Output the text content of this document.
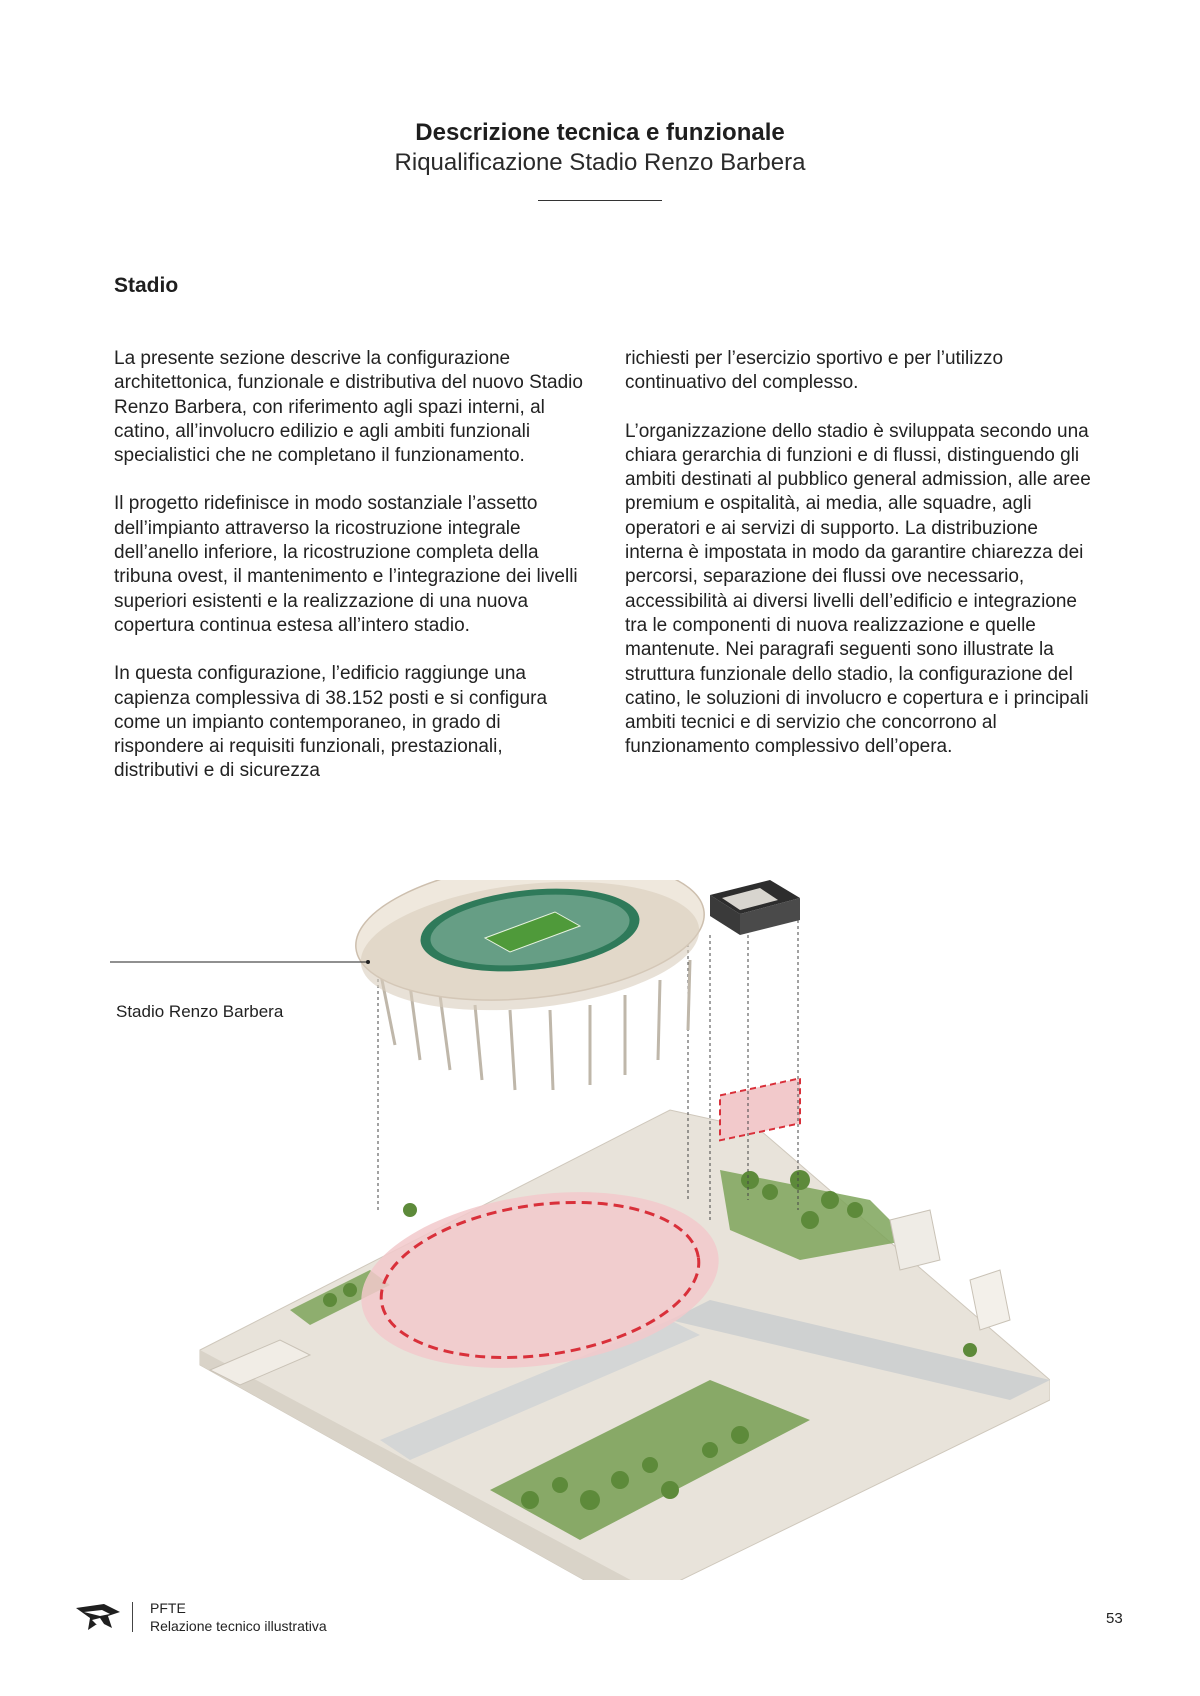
Descrizione tecnica e funzionale
Riqualificazione Stadio Renzo Barbera
Stadio

La presente sezione descrive la configurazione architettonica, funzionale e distributiva del nuovo Stadio Renzo Barbera, con riferimento agli spazi interni, al catino, all’involucro edilizio e agli ambiti funzionali specialistici che ne completano il funzionamento.

Il progetto ridefinisce in modo sostanziale l’assetto dell’impianto attraverso la ricostruzione integrale dell’anello inferiore, la ricostruzione completa della tribuna ovest, il mantenimento e l’integrazione dei livelli superiori esistenti e la realizzazione di una nuova copertura continua estesa all’intero stadio.

In questa configurazione, l’edificio raggiunge una capienza complessiva di 38.152 posti e si configura come un impianto contemporaneo, in grado di rispondere ai requisiti funzionali, prestazionali, distributivi e di sicurezza

richiesti per l’esercizio sportivo e per l’utilizzo continuativo del complesso.

L’organizzazione dello stadio è sviluppata secondo una chiara gerarchia di funzioni e di flussi, distinguendo gli ambiti destinati al pubblico general admission, alle aree premium e ospitalità, ai media, alle squadre, agli operatori e ai servizi di supporto. La distribuzione interna è impostata in modo da garantire chiarezza dei percorsi, separazione dei flussi ove necessario, accessibilità ai diversi livelli dell’edificio e integrazione tra le componenti di nuova realizzazione e quelle mantenute. Nei paragrafi seguenti sono illustrate la struttura funzionale dello stadio, la configurazione del catino, le soluzioni di involucro e copertura e i principali ambiti tecnici e di servizio che concorrono al funzionamento complessivo dell’opera.

Stadio Renzo Barbera
PFTE
Relazione tecnico illustrativa	53
